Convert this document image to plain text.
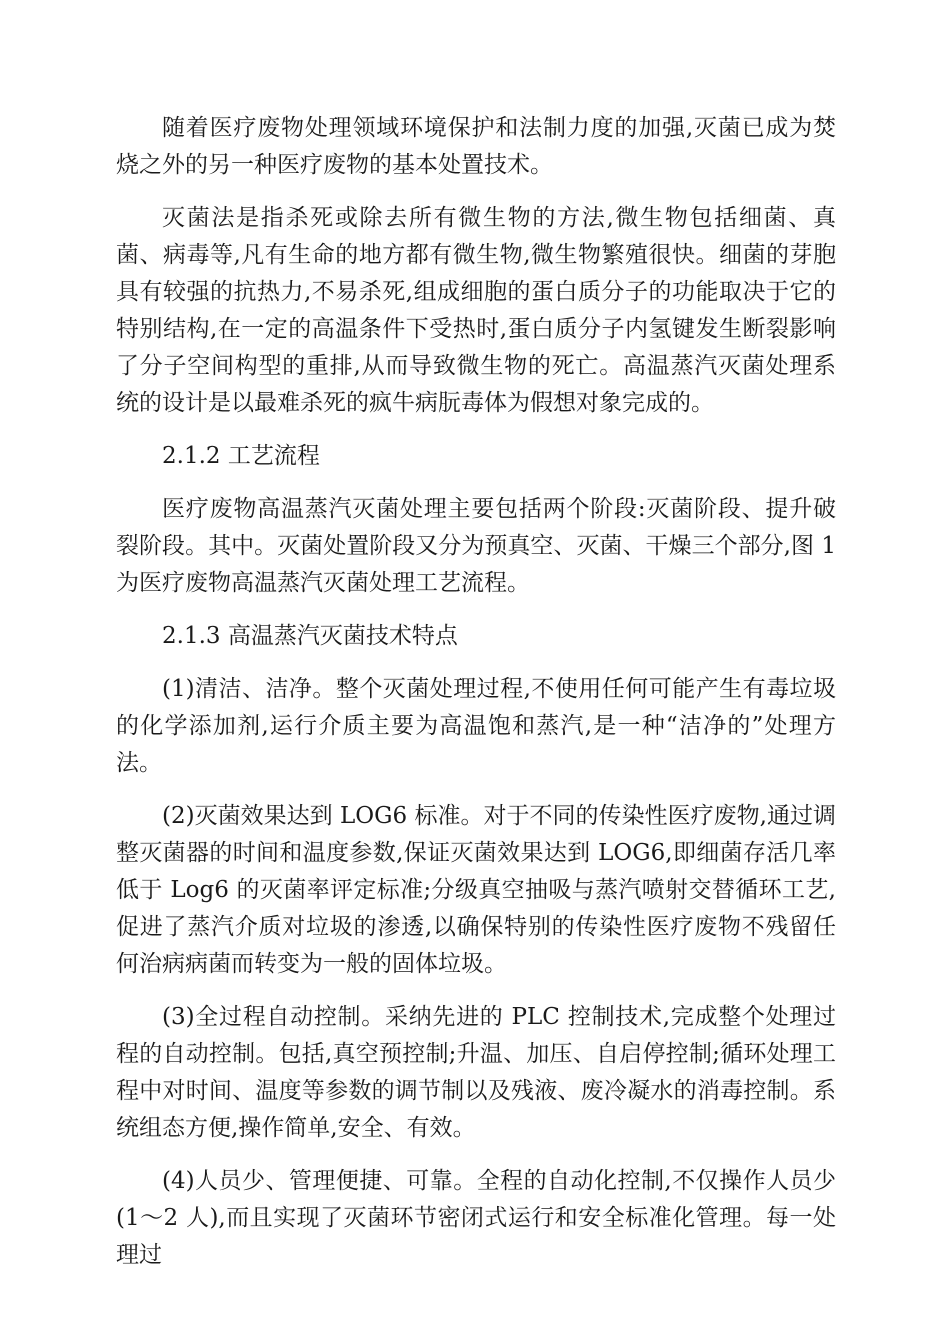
随着医疗废物处理领域环境保护和法制力度的加强,灭菌已成为焚烧之外的另一种医疗废物的基本处置技术。

灭菌法是指杀死或除去所有微生物的方法,微生物包括细菌、真菌、病毒等,凡有生命的地方都有微生物,微生物繁殖很快。细菌的芽胞具有较强的抗热力,不易杀死,组成细胞的蛋白质分子的功能取决于它的特别结构,在一定的高温条件下受热时,蛋白质分子内氢键发生断裂影响了分子空间构型的重排,从而导致微生物的死亡。高温蒸汽灭菌处理系统的设计是以最难杀死的疯牛病朊毒体为假想对象完成的。

2.1.2 工艺流程

医疗废物高温蒸汽灭菌处理主要包括两个阶段:灭菌阶段、提升破裂阶段。其中。灭菌处置阶段又分为预真空、灭菌、干燥三个部分,图 1 为医疗废物高温蒸汽灭菌处理工艺流程。

2.1.3 高温蒸汽灭菌技术特点

(1)清洁、洁净。整个灭菌处理过程,不使用任何可能产生有毒垃圾的化学添加剂,运行介质主要为高温饱和蒸汽,是一种“洁净的”处理方法。

(2)灭菌效果达到 LOG6 标准。对于不同的传染性医疗废物,通过调整灭菌器的时间和温度参数,保证灭菌效果达到 LOG6,即细菌存活几率低于 Log6 的灭菌率评定标准;分级真空抽吸与蒸汽喷射交替循环工艺,促进了蒸汽介质对垃圾的渗透,以确保特别的传染性医疗废物不残留任何治病病菌而转变为一般的固体垃圾。

(3)全过程自动控制。采纳先进的 PLC 控制技术,完成整个处理过程的自动控制。包括,真空预控制;升温、加压、自启停控制;循环处理工程中对时间、温度等参数的调节制以及残液、废冷凝水的消毒控制。系统组态方便,操作简单,安全、有效。

(4)人员少、管理便捷、可靠。全程的自动化控制,不仅操作人员少(1～2 人),而且实现了灭菌环节密闭式运行和安全标准化管理。每一处理过
